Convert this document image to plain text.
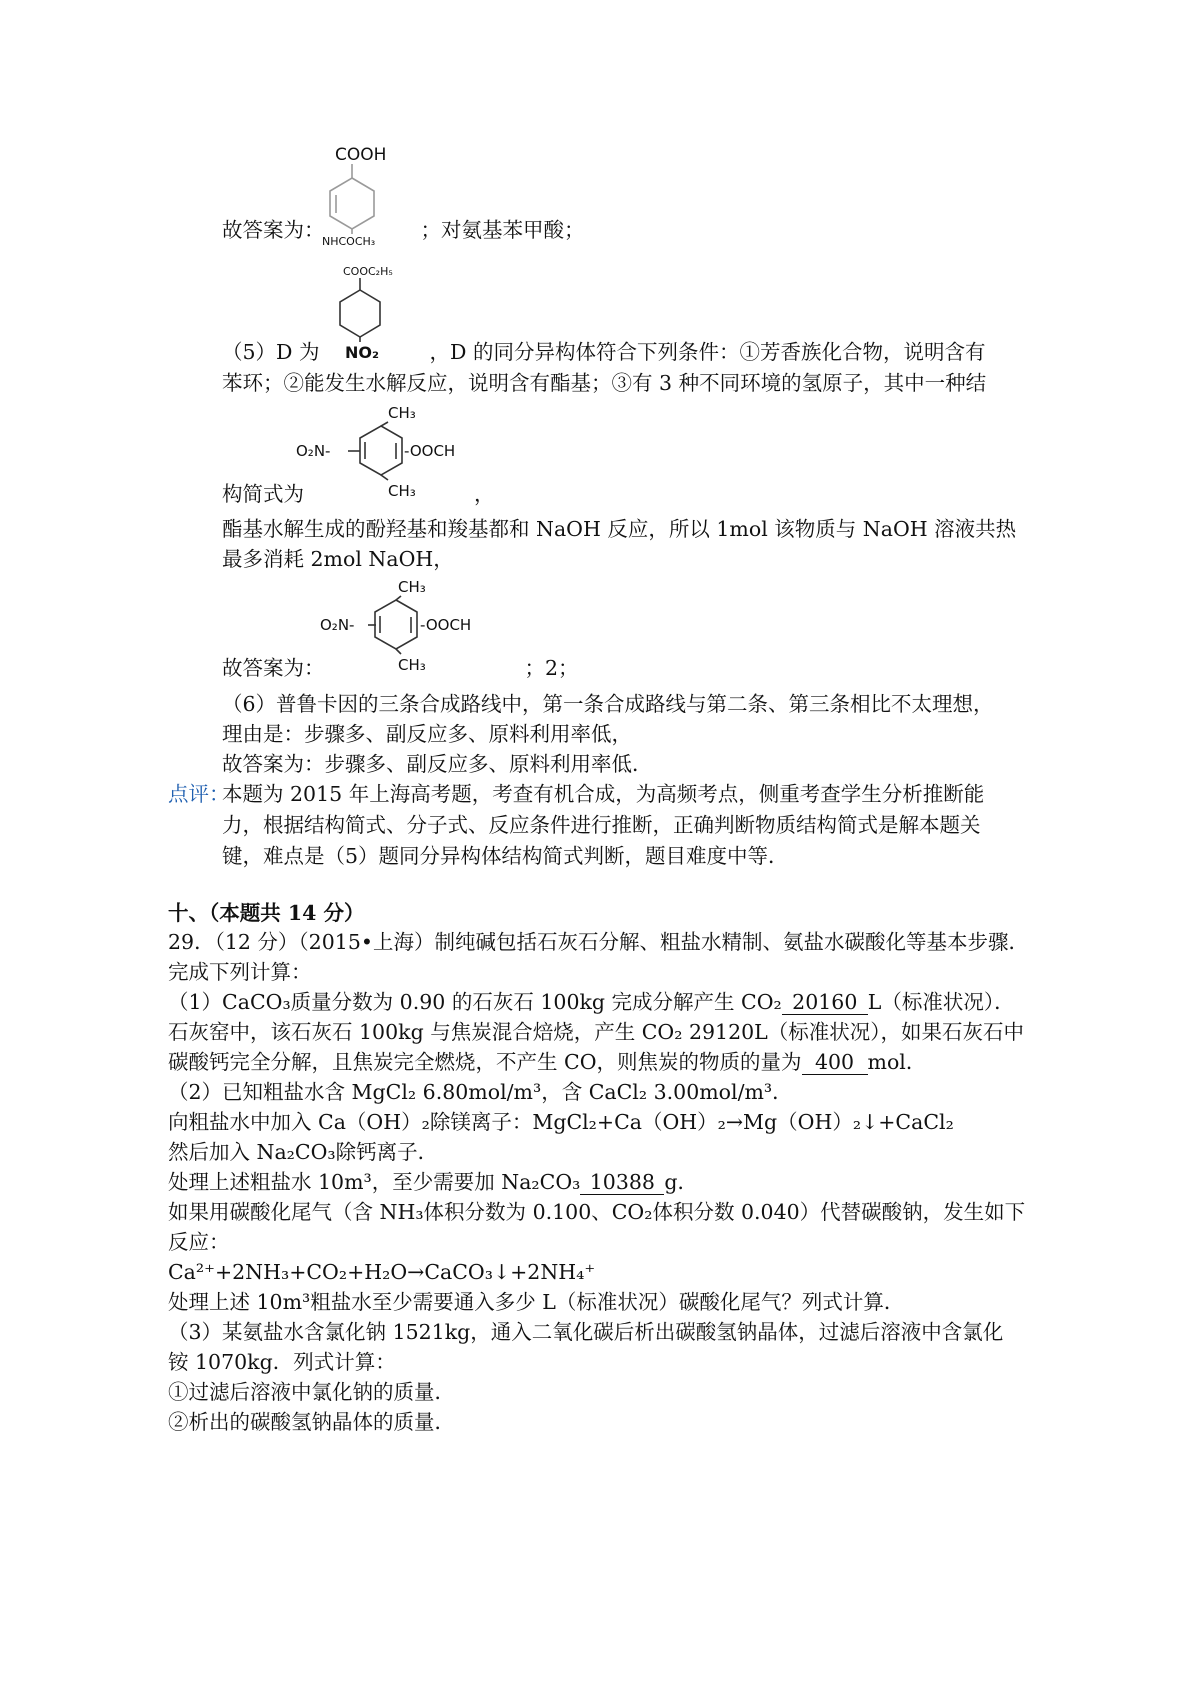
COOH
NHCOCH₃
故答案为：	；对氨基苯甲酸；
COOC₂H₅
NO₂
（5）D 为	，D 的同分异构体符合下列条件：①芳香族化合物，说明含有
苯环；②能发生水解反应，说明含有酯基；③有 3 种不同环境的氢原子，其中一种结
CH₃
O₂N-	-OOCH
CH₃
构简式为	，
酯基水解生成的酚羟基和羧基都和 NaOH 反应，所以 1mol 该物质与 NaOH 溶液共热
最多消耗 2mol NaOH，
CH₃
O₂N-	-OOCH
CH₃
故答案为：	；2；
（6）普鲁卡因的三条合成路线中，第一条合成路线与第二条、第三条相比不太理想，
理由是：步骤多、副反应多、原料利用率低，
故答案为：步骤多、副反应多、原料利用率低．
点评：
本题为 2015 年上海高考题，考查有机合成，为高频考点，侧重考查学生分析推断能
力，根据结构简式、分子式、反应条件进行推断，正确判断物质结构简式是解本题关
键，难点是（5）题同分异构体结构简式判断，题目难度中等．
十、（本题共 14 分）
29．（12 分）（2015•上海）制纯碱包括石灰石分解、粗盐水精制、氨盐水碳酸化等基本步骤．
完成下列计算：
（1）CaCO₃质量分数为 0.90 的石灰石 100kg 完成分解产生 CO₂ 20160 L（标准状况）．
石灰窑中，该石灰石 100kg 与焦炭混合焙烧，产生 CO₂ 29120L（标准状况），如果石灰石中
碳酸钙完全分解，且焦炭完全燃烧，不产生 CO，则焦炭的物质的量为 400 mol．
（2）已知粗盐水含 MgCl₂ 6.80mol/m³，含 CaCl₂ 3.00mol/m³．
向粗盐水中加入 Ca（OH）₂除镁离子：MgCl₂+Ca（OH）₂→Mg（OH）₂↓+CaCl₂
然后加入 Na₂CO₃除钙离子．
处理上述粗盐水 10m³，至少需要加 Na₂CO₃ 10388 g．
如果用碳酸化尾气（含 NH₃体积分数为 0.100、CO₂体积分数 0.040）代替碳酸钠，发生如下
反应：
Ca²⁺+2NH₃+CO₂+H₂O→CaCO₃↓+2NH₄⁺
处理上述 10m³粗盐水至少需要通入多少 L（标准状况）碳酸化尾气？列式计算．
（3）某氨盐水含氯化钠 1521kg，通入二氧化碳后析出碳酸氢钠晶体，过滤后溶液中含氯化
铵 1070kg．列式计算：
①过滤后溶液中氯化钠的质量．
②析出的碳酸氢钠晶体的质量．
